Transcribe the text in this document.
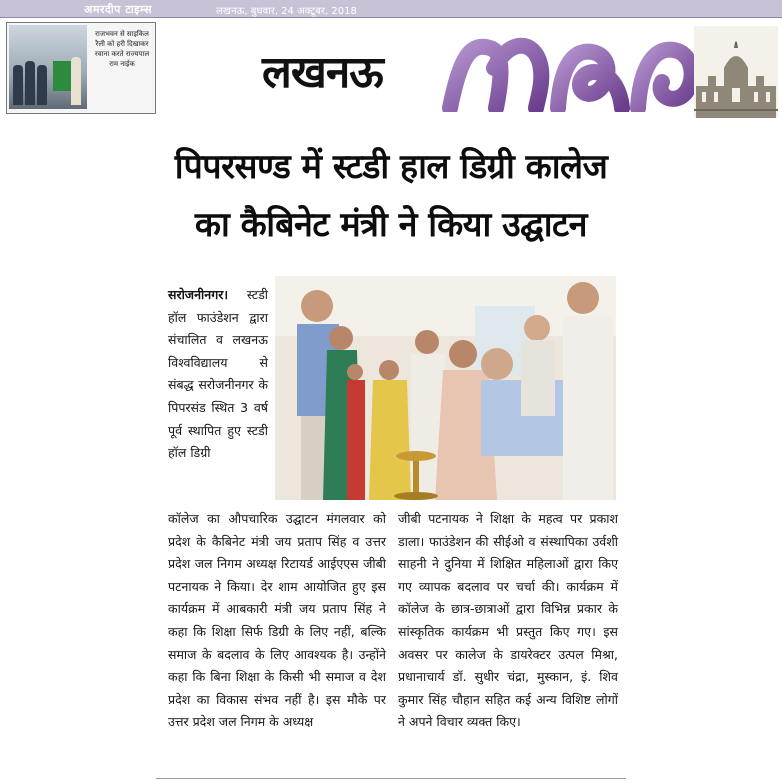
अमरदीप टाइम्स	लखनऊ, बुधवार, 24 अक्टूबर, 2018
राजभवन से साइकिल रैली को हरी दिखाकर रवाना करते राज्यपाल राम नाईक	लखनऊ	माया
पिपरसण्ड में स्टडी हाल डिग्री कालेज
का कैबिनेट मंत्री ने किया उद्घाटन
सरोजनीनगर। स्टडी हॉल फाउंडेशन द्वारा संचालित व लखनऊ विश्वविद्यालय से संबद्ध सरोजनीनगर के पिपरसंड स्थित 3 वर्ष पूर्व स्थापित हुए स्टडी हॉल डिग्री
कॉलेज का औपचारिक उद्घाटन मंगलवार को प्रदेश के कैबिनेट मंत्री जय प्रताप सिंह व उत्तर प्रदेश जल निगम अध्यक्ष रिटायर्ड आईएएस जीबी पटनायक ने किया। देर शाम आयोजित हुए इस कार्यक्रम में आबकारी मंत्री जय प्रताप सिंह ने कहा कि शिक्षा सिर्फ डिग्री के लिए नहीं, बल्कि समाज के बदलाव के लिए आवश्यक है। उन्होंने कहा कि बिना शिक्षा के किसी भी समाज व देश प्रदेश का विकास संभव नहीं है। इस मौके पर उत्तर प्रदेश जल निगम के अध्यक्ष
जीबी पटनायक ने शिक्षा के महत्व पर प्रकाश डाला। फाउंडेशन की सीईओ व संस्थापिका उर्वशी साहनी ने दुनिया में शिक्षित महिलाओं द्वारा किए गए व्यापक बदलाव पर चर्चा की। कार्यक्रम में कॉलेज के छात्र-छात्राओं द्वारा विभिन्न प्रकार के सांस्कृतिक कार्यक्रम भी प्रस्तुत किए गए। इस अवसर पर कालेज के डायरेक्टर उत्पल मिश्रा, प्रधानाचार्य डॉ. सुधीर चंद्रा, मुस्कान, इं. शिव कुमार सिंह चौहान सहित कई अन्य विशिष्ट लोगों ने अपने विचार व्यक्त किए।
